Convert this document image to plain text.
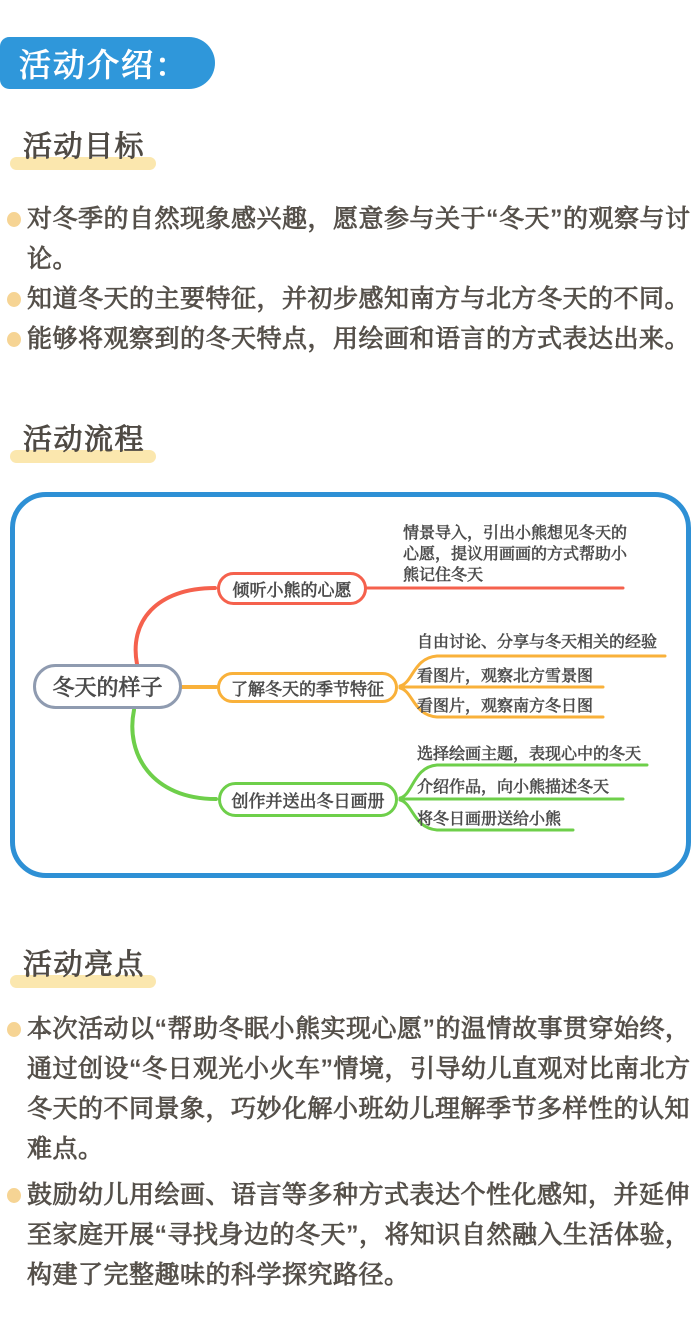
活动介绍：
活动目标
对冬季的自然现象感兴趣，愿意参与关于“冬天”的观察与讨论。
知道冬天的主要特征，并初步感知南方与北方冬天的不同。
能够将观察到的冬天特点，用绘画和语言的方式表达出来。
活动流程
冬天的样子
倾听小熊的心愿
情景导入，引出小熊想见冬天的心愿，提议用画画的方式帮助小熊记住冬天
了解冬天的季节特征
自由讨论、分享与冬天相关的经验
看图片，观察北方雪景图
看图片，观察南方冬日图
创作并送出冬日画册
选择绘画主题，表现心中的冬天
介绍作品，向小熊描述冬天
将冬日画册送给小熊
活动亮点
本次活动以“帮助冬眠小熊实现心愿”的温情故事贯穿始终，通过创设“冬日观光小火车”情境，引导幼儿直观对比南北方冬天的不同景象，巧妙化解小班幼儿理解季节多样性的认知难点。
鼓励幼儿用绘画、语言等多种方式表达个性化感知，并延伸至家庭开展“寻找身边的冬天”，将知识自然融入生活体验，构建了完整趣味的科学探究路径。
